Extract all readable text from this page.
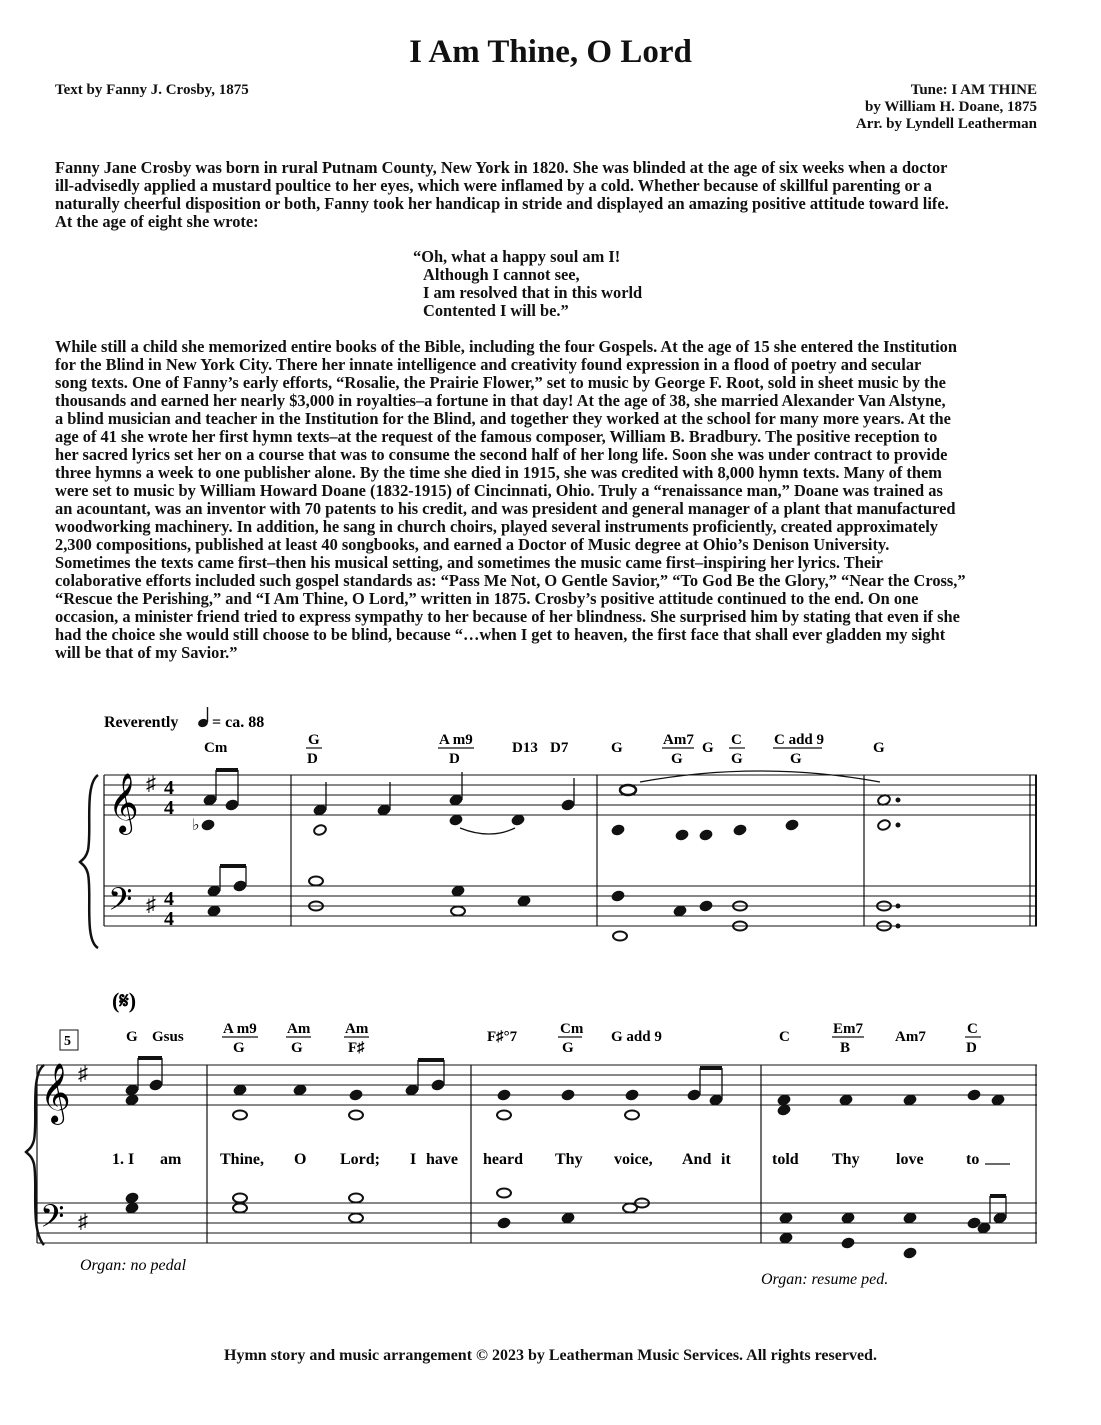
I Am Thine, O Lord
Text by Fanny J. Crosby, 1875	Tune: I AM THINE
by William H. Doane, 1875
Arr. by Lyndell Leatherman
Fanny Jane Crosby was born in rural Putnam County, New York in 1820. She was blinded at the age of six weeks when a doctor
ill-advisedly applied a mustard poultice to her eyes, which were inflamed by a cold. Whether because of skillful parenting or a
naturally cheerful disposition or both, Fanny took her handicap in stride and displayed an amazing positive attitude toward life.
At the age of eight she wrote:
“Oh, what a happy soul am I!
Although I cannot see,
I am resolved that in this world
Contented I will be.”
While still a child she memorized entire books of the Bible, including the four Gospels. At the age of 15 she entered the Institution
for the Blind in New York City. There her innate intelligence and creativity found expression in a flood of poetry and secular
song texts. One of Fanny’s early efforts, “Rosalie, the Prairie Flower,” set to music by George F. Root, sold in sheet music by the
thousands and earned her nearly $3,000 in royalties–a fortune in that day! At the age of 38, she married Alexander Van Alstyne,
a blind musician and teacher in the Institution for the Blind, and together they worked at the school for many more years. At the
age of 41 she wrote her first hymn texts–at the request of the famous composer, William B. Bradbury. The positive reception to
her sacred lyrics set her on a course that was to consume the second half of her long life. Soon she was under contract to provide
three hymns a week to one publisher alone. By the time she died in 1915, she was credited with 8,000 hymn texts. Many of them
were set to music by William Howard Doane (1832-1915) of Cincinnati, Ohio. Truly a “renaissance man,” Doane was trained as
an acountant, was an inventor with 70 patents to his credit, and was president and general manager of a plant that manufactured
woodworking machinery. In addition, he sang in church choirs, played several instruments proficiently, created approximately
2,300 compositions, published at least 40 songbooks, and earned a Doctor of Music degree at Ohio’s Denison University.
Sometimes the texts came first–then his musical setting, and sometimes the music came first–inspiring her lyrics. Their
colaborative efforts included such gospel standards as: “Pass Me Not, O Gentle Savior,” “To God Be the Glory,” “Near the Cross,”
“Rescue the Perishing,” and “I Am Thine, O Lord,” written in 1875. Crosby’s positive attitude continued to the end. On one
occasion, a minister friend tried to express sympathy to her because of her blindness. She surprised him by stating that even if she
had the choice she would still choose to be blind, because “…when I get to heaven, the first face that shall ever gladden my sight
will be that of my Savior.”
Reverently = ca. 88
Cm	G
D
A m9
D
D13 D7	G	Am7
G
G C
G
C add 9
G
G
𝄞
𝄢
♯
♯
4
4
4
4
♭
(𝄋)
5	G Gsus	A m9
G
Am
G
Am
F♯
F♯°7	Cm
G
G add 9	C	Em7
B
Am7	C
D
𝄞
𝄢
♯
♯
1. I am Thine, O Lord; I have heard Thy voice, And it	told Thy love	to
Organ: no pedal
Organ: resume ped.
Hymn story and music arrangement © 2023 by Leatherman Music Services. All rights reserved.
